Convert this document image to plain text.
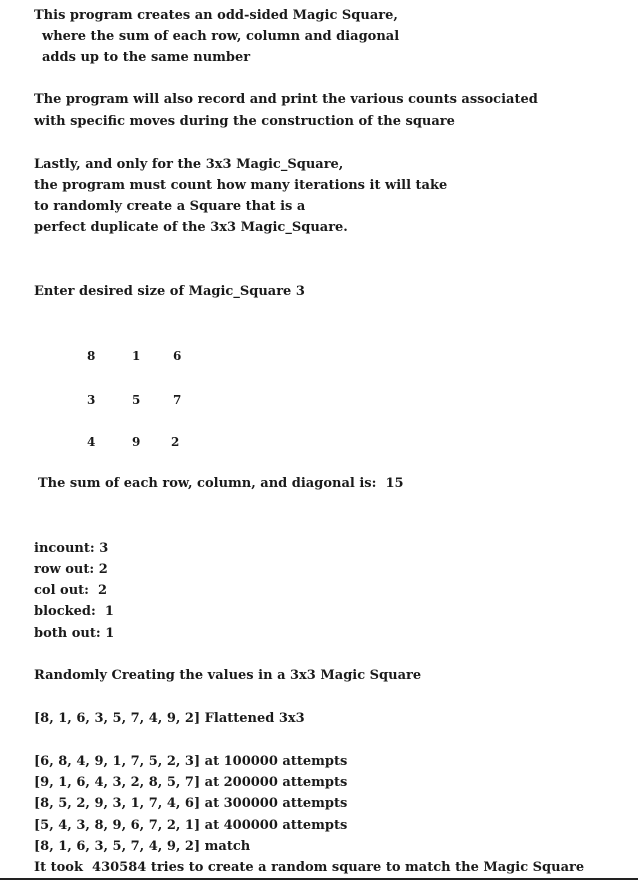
This program creates an odd-sided Magic Square,
where the sum of each row, column and diagonal
adds up to the same number
The program will also record and print the various counts associated
with specific moves during the construction of the square
Lastly, and only for the 3x3 Magic_Square,
the program must count how many iterations it will take
to randomly create a Square that is a
perfect duplicate of the 3x3 Magic_Square.
Enter desired size of Magic_Square 3
8	1	6
3	5	7
4	9	2
The sum of each row, column, and diagonal is:  15
incount: 3
row out: 2
col out:  2
blocked:  1
both out: 1
Randomly Creating the values in a 3x3 Magic Square
[8, 1, 6, 3, 5, 7, 4, 9, 2] Flattened 3x3
[6, 8, 4, 9, 1, 7, 5, 2, 3] at 100000 attempts
[9, 1, 6, 4, 3, 2, 8, 5, 7] at 200000 attempts
[8, 5, 2, 9, 3, 1, 7, 4, 6] at 300000 attempts
[5, 4, 3, 8, 9, 6, 7, 2, 1] at 400000 attempts
[8, 1, 6, 3, 5, 7, 4, 9, 2] match
It took  430584 tries to create a random square to match the Magic Square
